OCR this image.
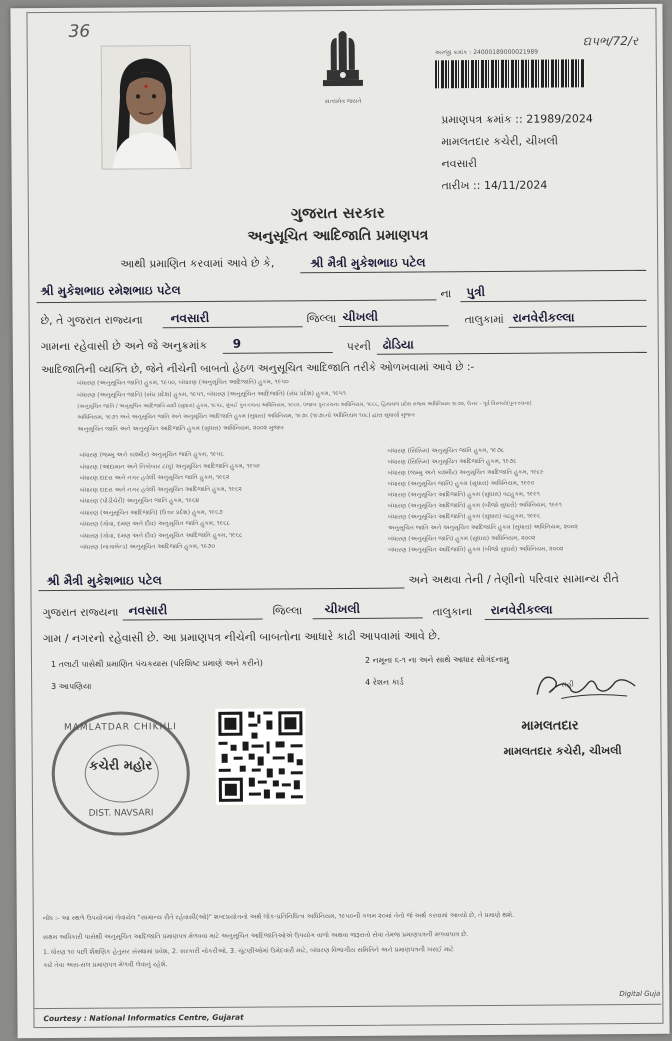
36	દ્યપભ/72/ર
સત્યમેવ જયતે
અરજી ક્રમાંક : 24000189000021989
પ્રમાણપત્ર ક્રમાંક :: 21989/2024
મામલતદાર કચેરી, ચીખલી
નવસારી
તારીખ :: 14/11/2024
ગુજરાત સરકાર
અનુસૂચિત આદિજાતિ પ્રમાણપત્ર
આથી પ્રમાણિત કરવામાં આવે છે કે,	શ્રી મૈત્રી મુકેશભાઇ પટેલ
શ્રી મુકેશભાઇ રમેશભાઇ પટેલ	ના પુત્રી
છે, તે ગુજરાત રાજ્યના નવસારી	જિલ્લા ચીખલી	તાલુકામાં રાનવેરીકલ્લા
ગામના રહેવાસી છે અને જે અનુક્રમાંક 9	પરની ઢોડિયા
આદિજાતિની વ્યક્તિ છે, જેને નીચેની બાબતો હેઠળ અનુસૂચિત આદિજાતિ તરીકે ઓળખવામાં આવે છે :-
બંધારણ (અનુસૂચિત જાતિ) હુકમ, ૧૯૫૦, બંધારણ (અનુસૂચિત આદિજાતિ) હુકમ, ૧૯૫૦
બંધારણ (અનુસૂચિત જાતિ) (સંઘ પ્રદેશ) હુકમ, ૧૯૫૧, બંધારણ (અનુસૂચિત આદિજાતિ) (સંઘ પ્રદેશ) હુકમ, ૧૯૫૧
(અનુસૂચિત જાતિ / અનુસૂચિત આદિજાતિ યાદી (સુધારા) હુકમ, ૧૯૫૬, મુંબઈ પુનઃરચના અધિનિયમ, ૧૯૬૦, પંજાબ પુનઃરચના અધિનિયમ, ૧૯૬૬, હિમાચલ પ્રદેશ રાજ્ય અધિનિયમ ૧૯૭૦, ઉત્તર - પૂર્વ વિસ્તારો(પુનઃરચના)
અધિનિયમ, ૧૯૭૧ અને અનુસૂચિત જાતિ અને અનુસૂચિત આદિજાતિ હુકમ (સુધારા) અધિનિયમ, ૧૯૭૬ (૧૯૭૬નો અધિનિયમ ૧૦૮) દ્વારા સુધાર્યા મુજબ
અનુસૂચિત જાતિ અને અનુસૂચિત આદિજાતિ હુકમ (સુધારા) અધિનિયમ, ૨૦૦૨ મુજબ
બંધારણ (જમ્મુ અને કાશ્મીર) અનુસૂચિત જાતિ હુકમ, ૧૯૫૬
બંધારણ (આંદામાન અને નિકોબાર ટાપુ) અનુસૂચિત આદિજાતિ હુકમ, ૧૯૫૯
બંધારણ દાદરા અને નગર હવેલી અનુસૂચિત જાતિ હુકમ, ૧૯૬૨
બંધારણ દાદરા અને નગર હવેલી અનુસૂચિત આદિજાતિ હુકમ, ૧૯૬૨
બંધારણ (પોંડીચેરી) અનુસૂચિત જાતિ હુકમ, ૧૯૬૪
બંધારણ (અનુસૂચિત આદિજાતિ) (ઉત્તર પ્રદેશ) હુકમ, ૧૯૬૭
બંધારણ (ગોવા, દમણ અને દીવ) અનુસૂચિત જાતિ હુકમ, ૧૯૬૮
બંધારણ (ગોવા, દમણ અને દીવ) અનુસૂચિત આદિજાતિ હુકમ, ૧૯૬૮
બંધારણ (નાગાલેન્ડ) અનુસૂચિત આદિજાતિ હુકમ, ૧૯૭૦
બંધારણ (સિક્કિમ) અનુસૂચિત જાતિ હુકમ, ૧૯૭૮
બંધારણ (સિક્કિમ) અનુસૂચિત આદિજાતિ હુકમ, ૧૯૭૮
બંધારણ (જમ્મુ અને કાશ્મીર) અનુસૂચિત આદિજાતિ હુકમ, ૧૯૮૯
બંધારણ (અનુસૂચિત જાતિ) હુકમ (સુધારા) અધિનિયમ, ૧૯૯૦
બંધારણ (અનુસૂચિત આદિજાતિ) હુકમ (સુધારા) વટહુકમ, ૧૯૯૧
બંધારણ (અનુસૂચિત આદિજાતિ) હુકમ (બીજો સુધારો) અધિનિયમ, ૧૯૯૧
બંધારણ (અનુસૂચિત આદિજાતિ) હુકમ (સુધારા) વટહુકમ, ૧૯૯૬
અનુસૂચિત જાતિ અને અનુસૂચિત આદિજાતિ હુકમ (સુધારા) અધિનિયમ, ૨૦૦૨
બંધારણ (અનુસૂચિત જાતિ) હુકમ (સુધારા) અધિનિયમ, ૨૦૦૨
બંધારણ (અનુસૂચિત આદિજાતિ) હુકમ (બીજો સુધારો) અધિનિયમ, ૨૦૦૨
શ્રી મૈત્રી મુકેશભાઇ પટેલ	અને અથવા તેની / તેણીનો પરિવાર સામાન્ય રીતે
ગુજરાત રાજ્યના નવસારી	જિલ્લા ચીખલી	તાલુકાના રાનવેરીકલ્લા
ગામ / નગરનો રહેવાસી છે. આ પ્રમાણપત્ર નીચેની બાબતોના આધારે કાઢી આપવામાં આવે છે.
1 તલાટી પાસેથી પ્રમાણિત પંચકયાસ (પરિશિષ્ટ પ્રમાણે અને કરીને)	2 નમૂના ૬-૧ ના અને સાથે આધાર સોગંદનામુ
3 આપણિયા	4 રેશન કાર્ડ
MAMLATDAR CHIKHLI
કચેરી મહોર
DIST. NAVSARI
સહી
મામલતદાર
મામલતદાર કચેરી, ચીખલી
નોંધ :- આ સ્થળે ઉપયોગમાં લેવાયેલ "સામાન્ય રીતે રહેવાસી(ઓ)" શબ્દપ્રયોગનો અર્થ લોક-પ્રતિનિધિત્વ અધિનિયમ, ૧૯૫૦ની કલમ ૨૦માં તેનો જે અર્થ કરવામાં આવ્યો છે, તે પ્રમાણે થશે.
સક્ષમ અધિકારી પાસેથી અનુસૂચિત આદિજાતિ પ્રમાણપત્ર મેળવવા માટે અનુસૂચિત આદિજાતિઓએ ઉપયોગ વાળો અથવા જરૂરાતો સેવા તેમજ પ્રમાણપત્રની મળવાપાત્ર છે.
1. ધોરણ ૧૦ પછી શૈક્ષણિક હેતુસર સંસ્થામાં પ્રવેશ, 2. સરકારી નોકરીઓ, 3. ચૂંટણીઓમાં ઉમેદવારી માટે, બંધારણ વિભાગીય સમિતિને અને પ્રમાણપત્રની ખરાઈ માટે
કાઢે તેવા અસ-સલ પ્રમાણપત્ર મેળવી લેવાનું રહેશે.
Digital Guja
Courtesy : National Informatics Centre, Gujarat
